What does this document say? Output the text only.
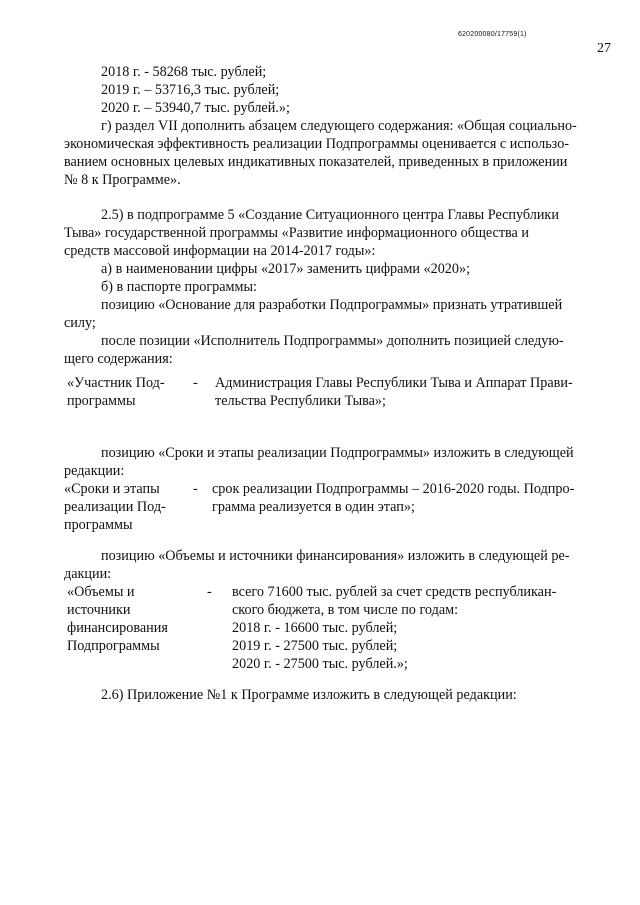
620200080/17759(1)
27
2018 г. - 58268 тыс. рублей;
2019 г. – 53716,3 тыс. рублей;
2020 г. – 53940,7 тыс. рублей.»;
г) раздел VII дополнить абзацем следующего содержания: «Общая социально-
экономическая эффективность реализации Подпрограммы оценивается с использо-
ванием основных целевых индикативных показателей, приведенных в приложении
№ 8 к Программе».
2.5) в подпрограмме 5 «Создание Ситуационного центра Главы Республики
Тыва» государственной программы «Развитие информационного общества и
средств массовой информации на 2014-2017 годы»:
а) в наименовании цифры «2017» заменить цифрами «2020»;
б) в паспорте программы:
позицию «Основание для разработки Подпрограммы» признать утратившей
силу;
после позиции «Исполнитель Подпрограммы» дополнить позицией следую-
щего содержания:
«Участник Под-
программы
- Администрация Главы Республики Тыва и Аппарат Прави-
тельства Республики Тыва»;
позицию «Сроки и этапы реализации Подпрограммы» изложить в следующей
редакции:
«Сроки и этапы
реализации Под-
программы
- срок реализации Подпрограммы – 2016-2020 годы. Подпро-
грамма реализуется в один этап»;
позицию «Объемы и источники финансирования» изложить в следующей ре-
дакции:
«Объемы и
источники
финансирования
Подпрограммы
- всего 71600 тыс. рублей за счет средств республикан-
ского бюджета, в том числе по годам:
2018 г. - 16600 тыс. рублей;
2019 г. - 27500 тыс. рублей;
2020 г. - 27500 тыс. рублей.»;
2.6) Приложение №1 к Программе изложить в следующей редакции:
